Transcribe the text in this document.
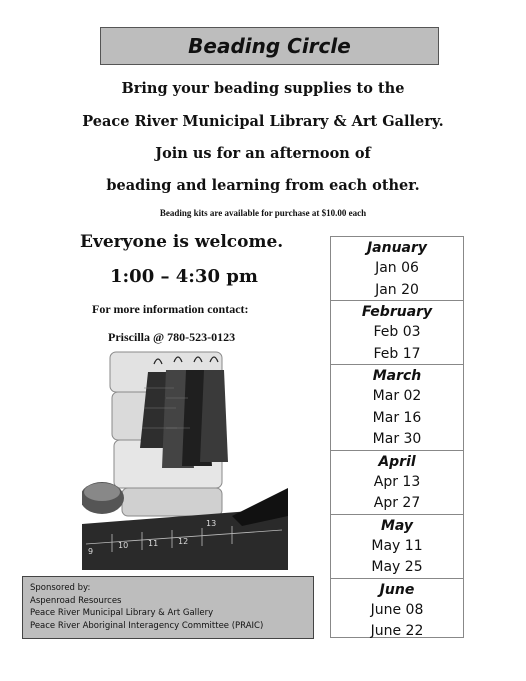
Beading Circle
Bring your beading supplies to the
Peace River Municipal Library & Art Gallery.
Join us for an afternoon of
beading and learning from each other.
Beading kits are available for purchase at $10.00 each
Everyone is welcome.
1:00 – 4:30 pm
For more information contact:
Priscilla @ 780-523-0123
9
10 11 12
13
Sponsored by:
Aspenroad Resources
Peace River Municipal Library & Art Gallery
Peace River Aboriginal Interagency Committee (PRAIC)
January
Jan 06
Jan 20
February
Feb 03
Feb 17
March
Mar 02
Mar 16
Mar 30
April
Apr 13
Apr 27
May
May 11
May 25
June
June 08
June 22
